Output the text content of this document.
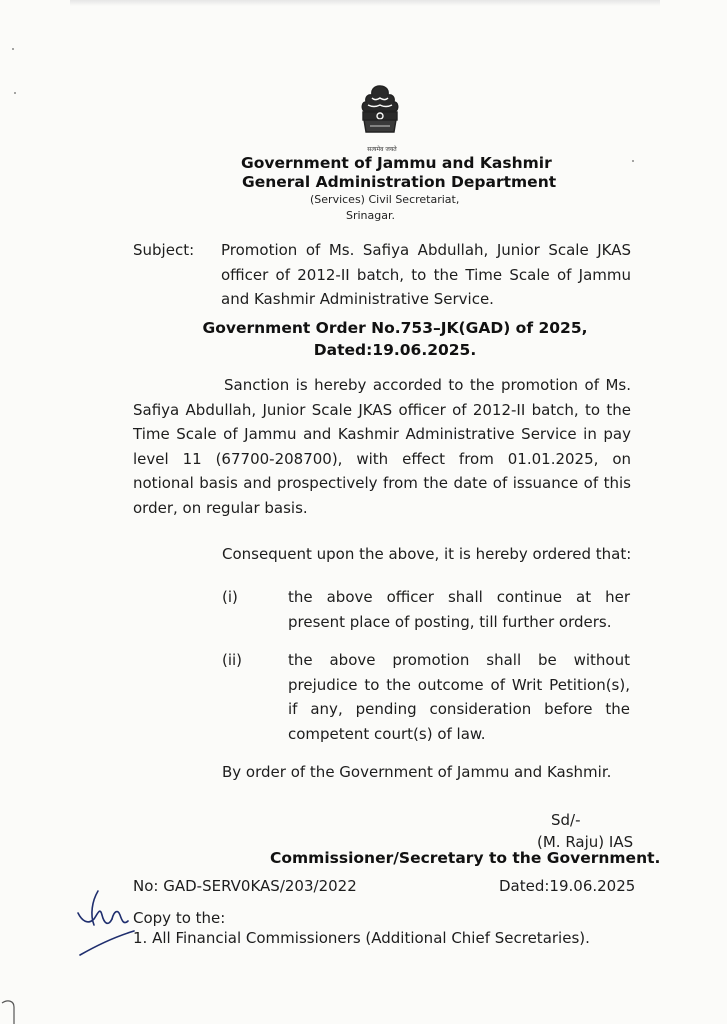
सत्यमेव जयते
Government of Jammu and Kashmir
General Administration Department
(Services) Civil Secretariat,
Srinagar.
Subject: Promotion of Ms. Safiya Abdullah, Junior Scale JKAS officer of 2012-II batch, to the Time Scale of Jammu and Kashmir Administrative Service.
Government Order No.753–JK(GAD) of 2025,
Dated:19.06.2025.
Sanction is hereby accorded to the promotion of Ms. Safiya Abdullah, Junior Scale JKAS officer of 2012-II batch, to the Time Scale of Jammu and Kashmir Administrative Service in pay level 11 (67700-208700), with effect from 01.01.2025, on notional basis and prospectively from the date of issuance of this order, on regular basis.
Consequent upon the above, it is hereby ordered that:
(i)	the above officer shall continue at her present place of posting, till further orders.
(ii)	the above promotion shall be without prejudice to the outcome of Writ Petition(s), if any, pending consideration before the competent court(s) of law.
By order of the Government of Jammu and Kashmir.
Sd/-
(M. Raju) IAS
Commissioner/Secretary to the Government.
No: GAD-SERV0KAS/203/2022	Dated:19.06.2025
Copy to the:
1. All Financial Commissioners (Additional Chief Secretaries).
